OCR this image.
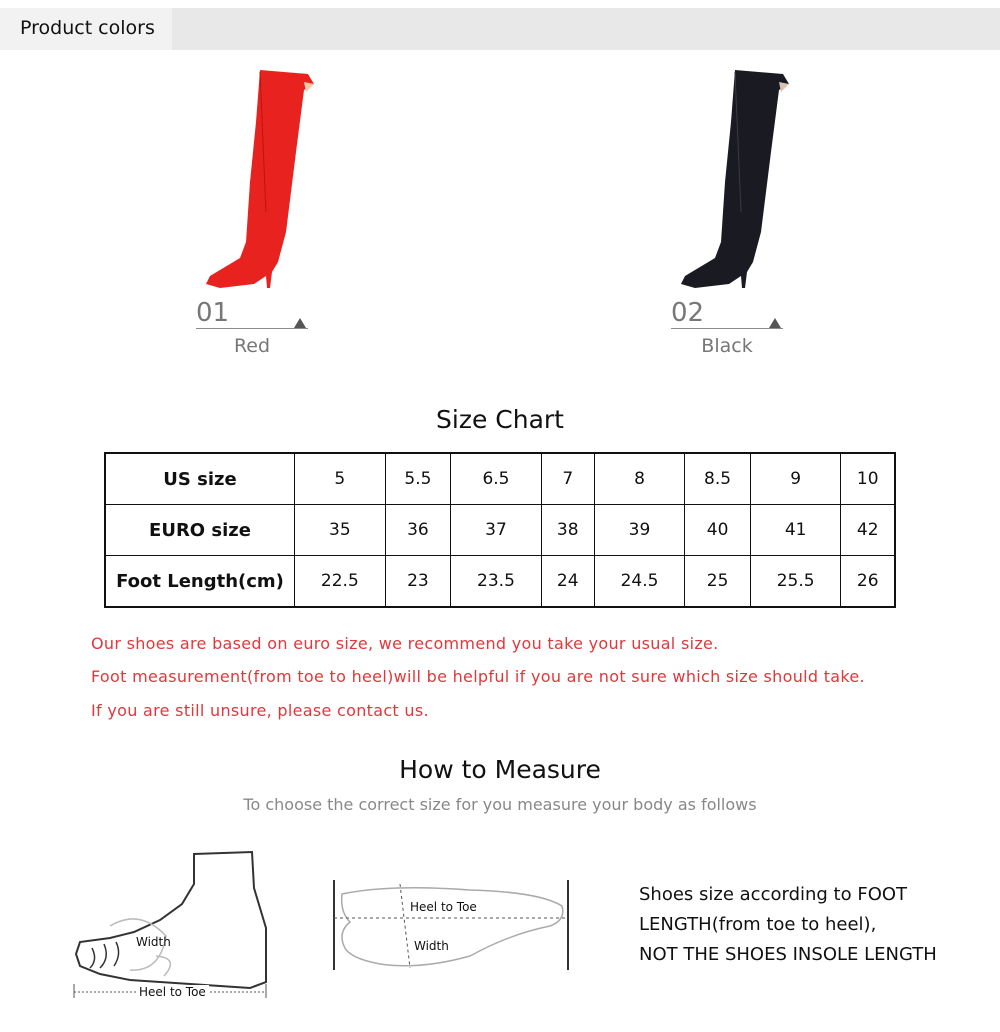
Product colors
01
Red
02
Black
Size Chart
US size	5	5.5	6.5	7	8	8.5	9	10
EURO size	35	36	37	38	39	40	41	42
Foot Length(cm)	22.5	23	23.5	24	24.5	25	25.5	26
Our shoes are based on euro size, we recommend you take your usual size.
Foot measurement(from toe to heel)will be helpful if you are not sure which size should take.
If you are still unsure, please contact us.
How to Measure
To choose the correct size for you measure your body as follows
Width
Heel to Toe
Heel to Toe
Width
Shoes size according to FOOT
LENGTH(from toe to heel),
NOT THE SHOES INSOLE LENGTH
